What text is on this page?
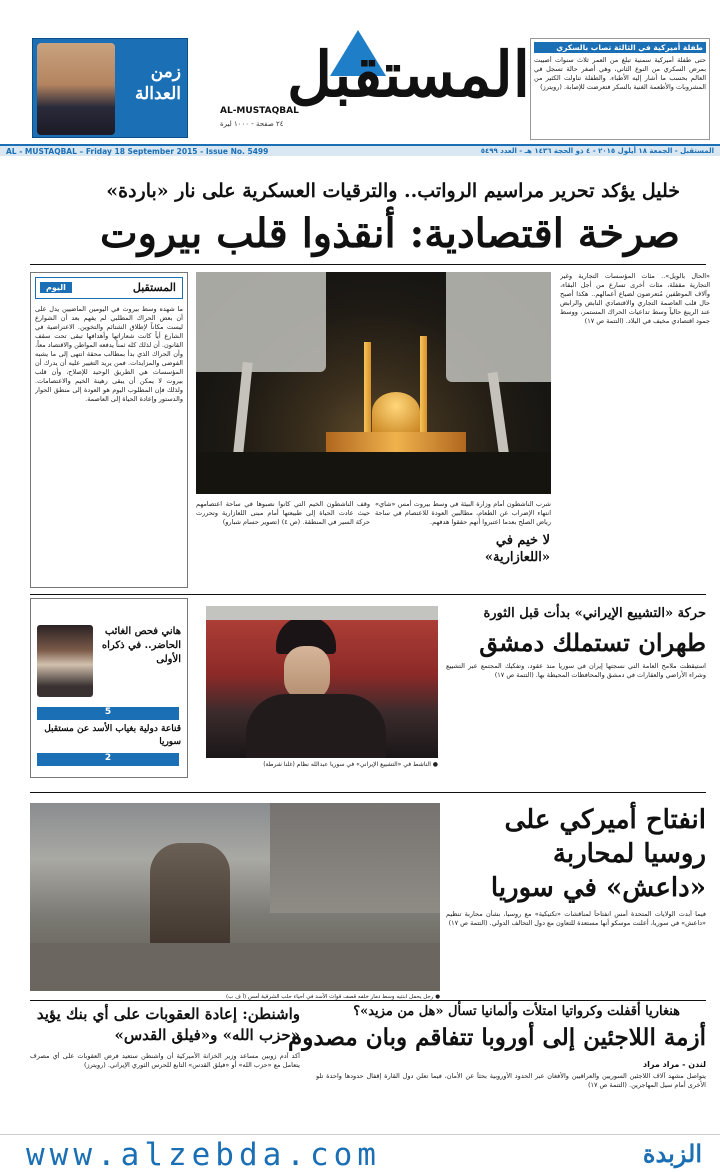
زمن
العدالة المستقبل
AL-MUSTAQBAL
٢٤ صفحة - ١٠٠٠ ليرة
طفلة أميركية في الثالثة تصاب بالسكري
حتى طفلة أميركية سمنية تبلغ من العمر ثلاث سنوات أصيبت بمرض السكري من النوع الثاني، وهي أصغر حالة تسجل في العالم بحسب ما أشار إليه الأطباء. والطفلة تناولت الكثير من المشروبات والأطعمة الغنية بالسكر فتعرضت للإصابة. (رويترز)
AL - MUSTAQBAL – Friday 18 September 2015 - Issue No. 5499	المستقبل - الجمعة ١٨ أيلول ٢٠١٥ - ٤ ذو الحجة ١٤٣٦ هـ - العدد ٥٤٩٩
خليل يؤكد تحرير مراسيم الرواتب.. والترقيات العسكرية على نار «باردة»
صرخة اقتصادية: أنقذوا قلب بيروت
المستقبل
اليوم
ما شهده وسط بيروت في اليومين الماضيين يدل على أن بعض الحراك المطلبي لم يفهم بعد أن الشوارع ليست مكاناً لإطلاق الشتائم والتخوين. الاعتراضية في الشارع أياً كانت شعاراتها وأهدافها تبقى تحت سقف القانون. أن لذلك كله ثمناً يدفعه المواطن والاقتصاد معاً، وأن الحراك الذي بدأ بمطالب محقة انتهى إلى ما يشبه الفوضى والمزايدات. فمن يريد التغيير عليه أن يدرك أن المؤسسات هي الطريق الوحيد للإصلاح، وأن قلب بيروت لا يمكن أن يبقى رهينة الخيم والاعتصامات. ولذلك فإن المطلوب اليوم هو العودة إلى منطق الحوار والدستور وإعادة الحياة إلى العاصمة.
«الحال بالويل».. مئات المؤسسات التجارية وغير التجارية مقفلة، مئات أخرى تسارع من أجل البقاء، وآلاف الموظفين مُتعرضون لضياع أعمالهم.. هكذا أصبح حال قلب العاصمة التجاري والاقتصادي النابض والرابض عند الرينغ حالياً وسط تداعيات الحراك المستمر، ووسط جمود اقتصادي مخيف في البلاد. (التتمة ص ١٧)
شرب الناشطون أمام وزارة البيئة في وسط بيروت أمس «شاي» انتهاء الإضراب عن الطعام، مطالبين العودة للاعتصام في ساحة رياض الصلح بعدما اعتبروا أنهم حققوا هدفهم.
وقف الناشطون الخيم التي كانوا نصبوها في ساحة اعتصامهم حيث عادت الحياة إلى طبيعتها أمام مبنى اللعازارية وتحررت حركة السير في المنطقة. (ص ٤) (تصوير حسام شبارو)
لا خيم في «اللعازارية»
هاني فحص الغائب الحاضر.. في ذكراه الأولى
5
قناعة دولية بغياب الأسد عن مستقبل سوريا
2
● الناشط في «التشييع الإيراني» في سوريا عبدالله نظام (غلنا شرطة)
حركة «التشييع الإيراني» بدأت قبل الثورة
طهران تستملك دمشق
استيقظت ملامح العامة التي نسجتها إيران في سوريا منذ عقود، وتفكيك المجتمع عبر التشييع وشراء الأراضي والعقارات في دمشق والمحافظات المحيطة بها. (التتمة ص ١٧)
● رجل يحمل ابنتيه وسط دمار خلفه قصف قوات الأسد في أحياء حلب الشرقية أمس (أ ف ب)
انفتاح أميركي على روسيا لمحاربة «داعش» في سوريا
فيما أبدت الولايات المتحدة أمس انفتاحاً لمناقشات «تكتيكية» مع روسيا، بشأن محاربة تنظيم «داعش» في سوريا، أعلنت موسكو أنها مستعدة للتعاون مع دول التحالف الدولي. (التتمة ص ١٧)
هنغاريا أقفلت وكرواتيا امتلأت وألمانيا تسأل «هل من مزيد»؟
أزمة اللاجئين إلى أوروبا تتفاقم وبان مصدوم
لندن - مراد مراد
يتواصل مشهد آلاف اللاجئين السوريين والعراقيين والأفغان عبر الحدود الأوروبية بحثاً عن الأمان، فيما تعلن دول القارة إقفال حدودها واحدة تلو الأخرى أمام سيل المهاجرين. (التتمة ص ١٧)
واشنطن: إعادة العقوبات على أي بنك يؤيد «حزب الله» و«فيلق القدس»
أكد آدم زوبين مساعد وزير الخزانة الأميركية أن واشنطن ستعيد فرض العقوبات على أي مصرف يتعامل مع «حزب الله» أو «فيلق القدس» التابع للحرس الثوري الإيراني. (رويترز)
www.alzebda.com	الزبدة
